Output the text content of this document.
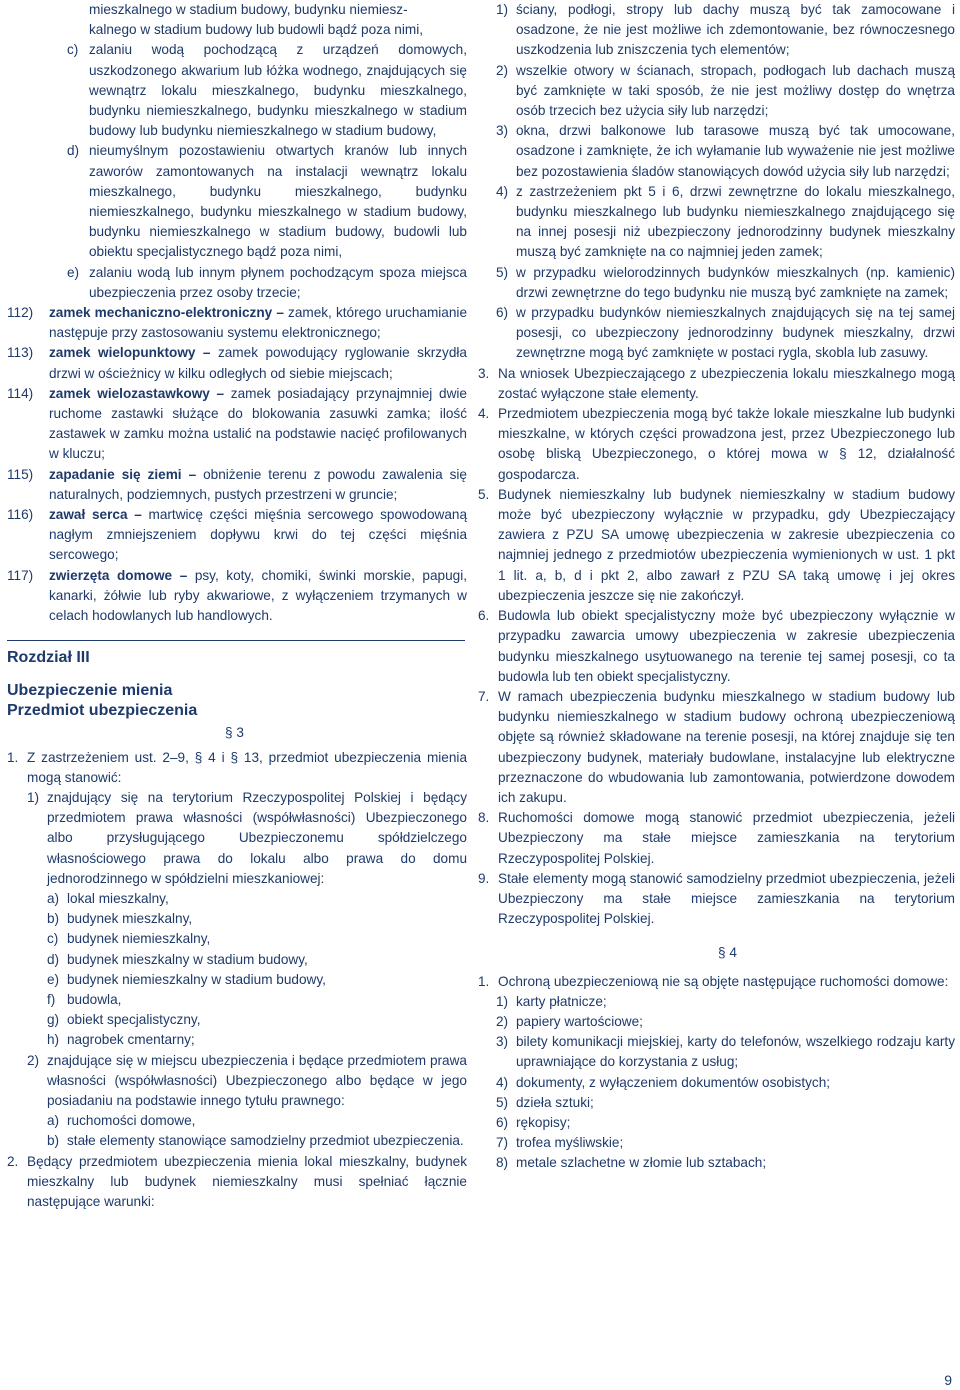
mieszkalnego w stadium budowy, budynku niemiesz-

kalnego w stadium budowy lub budowli bądź poza nimi,

c) zalaniu wodą pochodzącą z urządzeń domowych, uszkodzonego akwarium lub łóżka wodnego, znajdujących się wewnątrz lokalu mieszkalnego, budynku mieszkalnego, budynku niemieszkalnego, budynku mieszkalnego w stadium budowy lub budynku niemieszkalnego w stadium budowy,
d) nieumyślnym pozostawieniu otwartych kranów lub innych zaworów zamontowanych na instalacji wewnątrz lokalu mieszkalnego, budynku mieszkalnego, budynku niemieszkalnego, budynku mieszkalnego w stadium budowy, budynku niemieszkalnego w stadium budowy, budowli lub obiektu specjalistycznego bądź poza nimi,
e) zalaniu wodą lub innym płynem pochodzącym spoza miejsca ubezpieczenia przez osoby trzecie;
112)	zamek mechaniczno-elektroniczny – zamek, którego uruchamianie następuje przy zastosowaniu systemu elektronicznego;
113)	zamek wielopunktowy – zamek powodujący ryglowanie skrzydła drzwi w ościeżnicy w kilku odległych od siebie miejscach;
114)	zamek wielozastawkowy – zamek posiadający przynajmniej dwie ruchome zastawki służące do blokowania zasuwki zamka; ilość zastawek w zamku można ustalić na podstawie nacięć profilowanych w kluczu;
115)	zapadanie się ziemi – obniżenie terenu z powodu zawalenia się naturalnych, podziemnych, pustych przestrzeni w gruncie;
116)	zawał serca – martwicę części mięśnia sercowego spowodowaną nagłym zmniejszeniem dopływu krwi do tej części mięśnia sercowego;
117)	zwierzęta domowe – psy, koty, chomiki, świnki morskie, papugi, kanarki, żółwie lub ryby akwariowe, z wyłączeniem trzymanych w celach hodowlanych lub handlowych.

Rozdział III

Ubezpieczenie mienia

Przedmiot ubezpieczenia

§ 3

1. Z zastrzeżeniem ust. 2–9, § 4 i § 13, przedmiot ubezpieczenia mienia mogą stanowić:
1) znajdujący się na terytorium Rzeczypospolitej Polskiej i będący przedmiotem prawa własności (współwłasności) Ubezpieczonego albo przysługującego Ubezpieczonemu spółdzielczego własnościowego prawa do lokalu albo prawa do domu jednorodzinnego w spółdzielni mieszkaniowej:
a) lokal mieszkalny,
b) budynek mieszkalny,
c) budynek niemieszkalny,
d) budynek mieszkalny w stadium budowy,
e) budynek niemieszkalny w stadium budowy,
f) budowla,
g) obiekt specjalistyczny,
h) nagrobek cmentarny;
2) znajdujące się w miejscu ubezpieczenia i będące przedmiotem prawa własności (współwłasności) Ubezpieczonego albo będące w jego posiadaniu na podstawie innego tytułu prawnego:
a) ruchomości domowe,
b) stałe elementy stanowiące samodzielny przedmiot ubezpieczenia.
2. Będący przedmiotem ubezpieczenia mienia lokal mieszkalny, budynek mieszkalny lub budynek niemieszkalny musi spełniać łącznie następujące warunki:
1) ściany, podłogi, stropy lub dachy muszą być tak zamocowane i osadzone, że nie jest możliwe ich zdemontowanie, bez równoczesnego uszkodzenia lub zniszczenia tych elementów;
2) wszelkie otwory w ścianach, stropach, podłogach lub dachach muszą być zamknięte w taki sposób, że nie jest możliwy dostęp do wnętrza osób trzecich bez użycia siły lub narzędzi;
3) okna, drzwi balkonowe lub tarasowe muszą być tak umocowane, osadzone i zamknięte, że ich wyłamanie lub wyważenie nie jest możliwe bez pozostawienia śladów stanowiących dowód użycia siły lub narzędzi;
4) z zastrzeżeniem pkt 5 i 6, drzwi zewnętrzne do lokalu mieszkalnego, budynku mieszkalnego lub budynku niemieszkalnego znajdującego się na innej posesji niż ubezpieczony jednorodzinny budynek mieszkalny muszą być zamknięte na co najmniej jeden zamek;
5) w przypadku wielorodzinnych budynków mieszkalnych (np. kamienic) drzwi zewnętrzne do tego budynku nie muszą być zamknięte na zamek;
6) w przypadku budynków niemieszkalnych znajdujących się na tej samej posesji, co ubezpieczony jednorodzinny budynek mieszkalny, drzwi zewnętrzne mogą być zamknięte w postaci rygla, skobla lub zasuwy.
3. Na wniosek Ubezpieczającego z ubezpieczenia lokalu mieszkalnego mogą zostać wyłączone stałe elementy.
4. Przedmiotem ubezpieczenia mogą być także lokale mieszkalne lub budynki mieszkalne, w których części prowadzona jest, przez Ubezpieczonego lub osobę bliską Ubezpieczonego, o której mowa w § 12, działalność gospodarcza.
5. Budynek niemieszkalny lub budynek niemieszkalny w stadium budowy może być ubezpieczony wyłącznie w przypadku, gdy Ubezpieczający zawiera z PZU SA umowę ubezpieczenia w zakresie ubezpieczenia co najmniej jednego z przedmiotów ubezpieczenia wymienionych w ust. 1 pkt 1 lit. a, b, d i pkt 2, albo zawarł z PZU SA taką umowę i jej okres ubezpieczenia jeszcze się nie zakończył.
6. Budowla lub obiekt specjalistyczny może być ubezpieczony wyłącznie w przypadku zawarcia umowy ubezpieczenia w zakresie ubezpieczenia budynku mieszkalnego usytuowanego na terenie tej samej posesji, co ta budowla lub ten obiekt specjalistyczny.
7. W ramach ubezpieczenia budynku mieszkalnego w stadium budowy lub budynku niemieszkalnego w stadium budowy ochroną ubezpieczeniową objęte są również składowane na terenie posesji, na której znajduje się ten ubezpieczony budynek, materiały budowlane, instalacyjne lub elektryczne przeznaczone do wbudowania lub zamontowania, potwierdzone dowodem ich zakupu.
8. Ruchomości domowe mogą stanowić przedmiot ubezpieczenia, jeżeli Ubezpieczony ma stałe miejsce zamieszkania na terytorium Rzeczypospolitej Polskiej.
9. Stałe elementy mogą stanowić samodzielny przedmiot ubezpieczenia, jeżeli Ubezpieczony ma stałe miejsce zamieszkania na terytorium Rzeczypospolitej Polskiej.

§ 4

1. Ochroną ubezpieczeniową nie są objęte następujące ruchomości domowe:
1) karty płatnicze;
2) papiery wartościowe;
3) bilety komunikacji miejskiej, karty do telefonów, wszelkiego rodzaju karty uprawniające do korzystania z usług;
4) dokumenty, z wyłączeniem dokumentów osobistych;
5) dzieła sztuki;
6) rękopisy;
7) trofea myśliwskie;
8) metale szlachetne w złomie lub sztabach;
9
